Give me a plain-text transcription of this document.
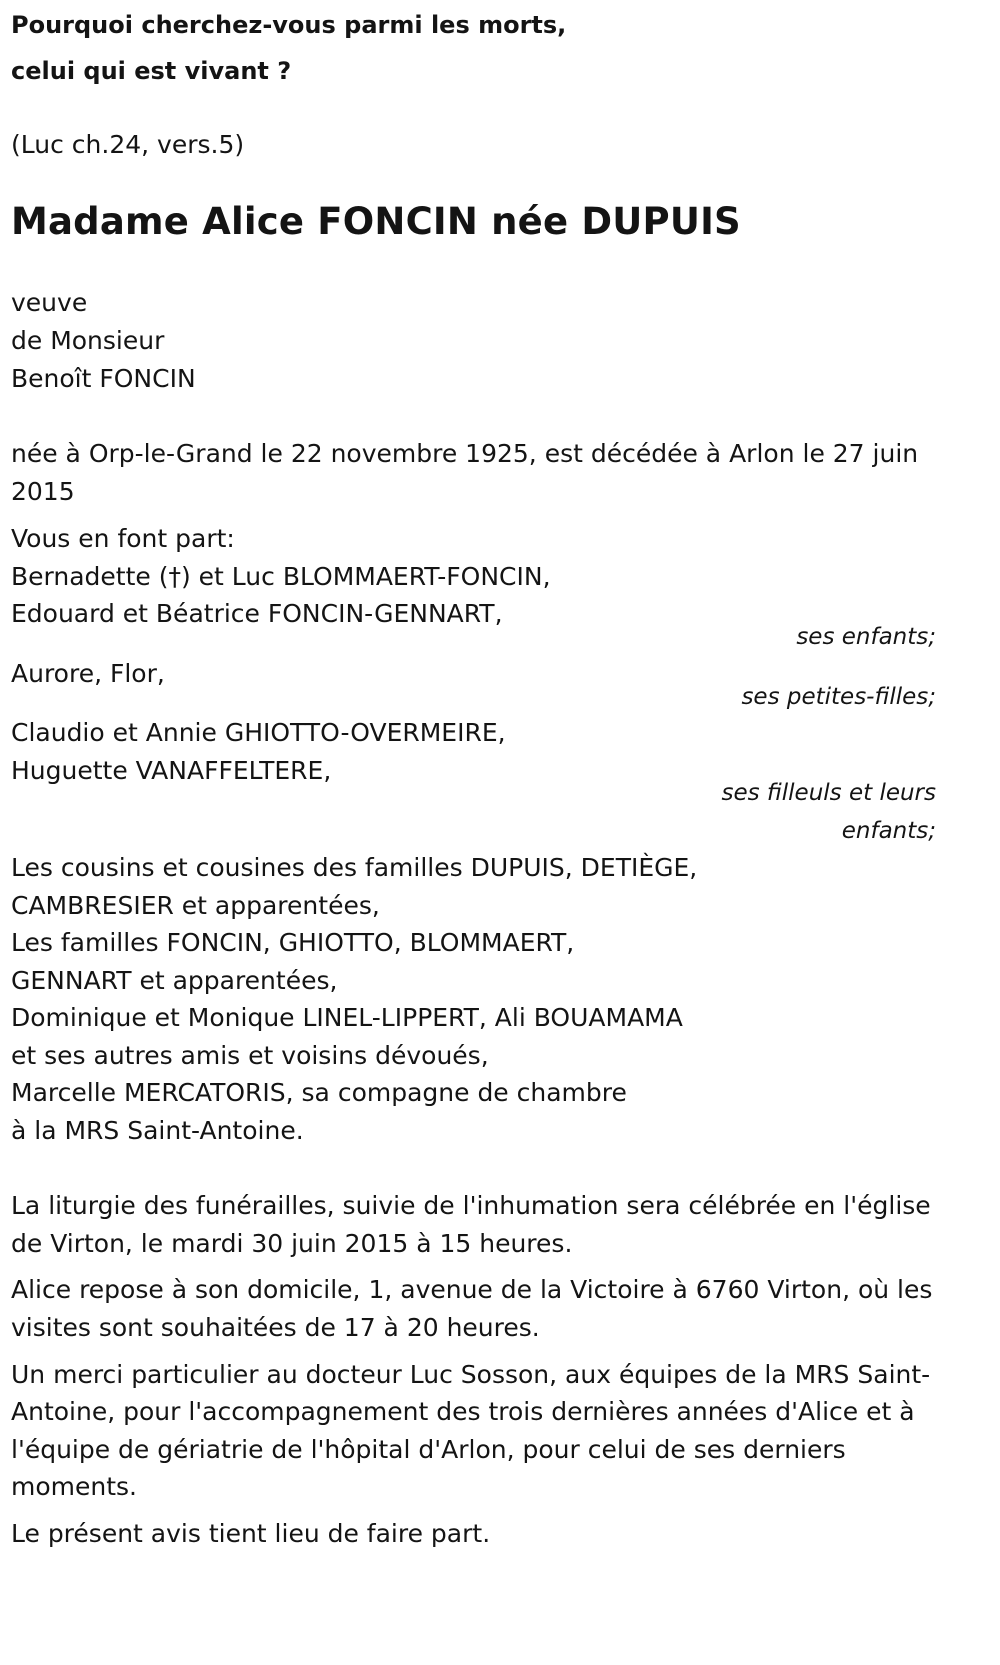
Pourquoi cherchez-vous parmi les morts,
celui qui est vivant ?
(Luc ch.24, vers.5)
Madame Alice FONCIN née DUPUIS
veuve
de Monsieur
Benoît FONCIN
née à Orp-le-Grand le 22 novembre 1925, est décédée à Arlon le 27 juin
2015
Vous en font part:
Bernadette (†) et Luc BLOMMAERT-FONCIN,
Edouard et Béatrice FONCIN-GENNART,
ses enfants;
Aurore, Flor,
ses petites-filles;
Claudio et Annie GHIOTTO-OVERMEIRE,
Huguette VANAFFELTERE,
ses filleuls et leurs
enfants;
Les cousins et cousines des familles DUPUIS, DETIÈGE,
CAMBRESIER et apparentées,
Les familles FONCIN, GHIOTTO, BLOMMAERT,
GENNART et apparentées,
Dominique et Monique LINEL-LIPPERT, Ali BOUAMAMA
et ses autres amis et voisins dévoués,
Marcelle MERCATORIS, sa compagne de chambre
à la MRS Saint-Antoine.
La liturgie des funérailles, suivie de l'inhumation sera célébrée en l'église
de Virton, le mardi 30 juin 2015 à 15 heures.
Alice repose à son domicile, 1, avenue de la Victoire à 6760 Virton, où les
visites sont souhaitées de 17 à 20 heures.
Un merci particulier au docteur Luc Sosson, aux équipes de la MRS Saint-
Antoine, pour l'accompagnement des trois dernières années d'Alice et à
l'équipe de gériatrie de l'hôpital d'Arlon, pour celui de ses derniers
moments.
Le présent avis tient lieu de faire part.
